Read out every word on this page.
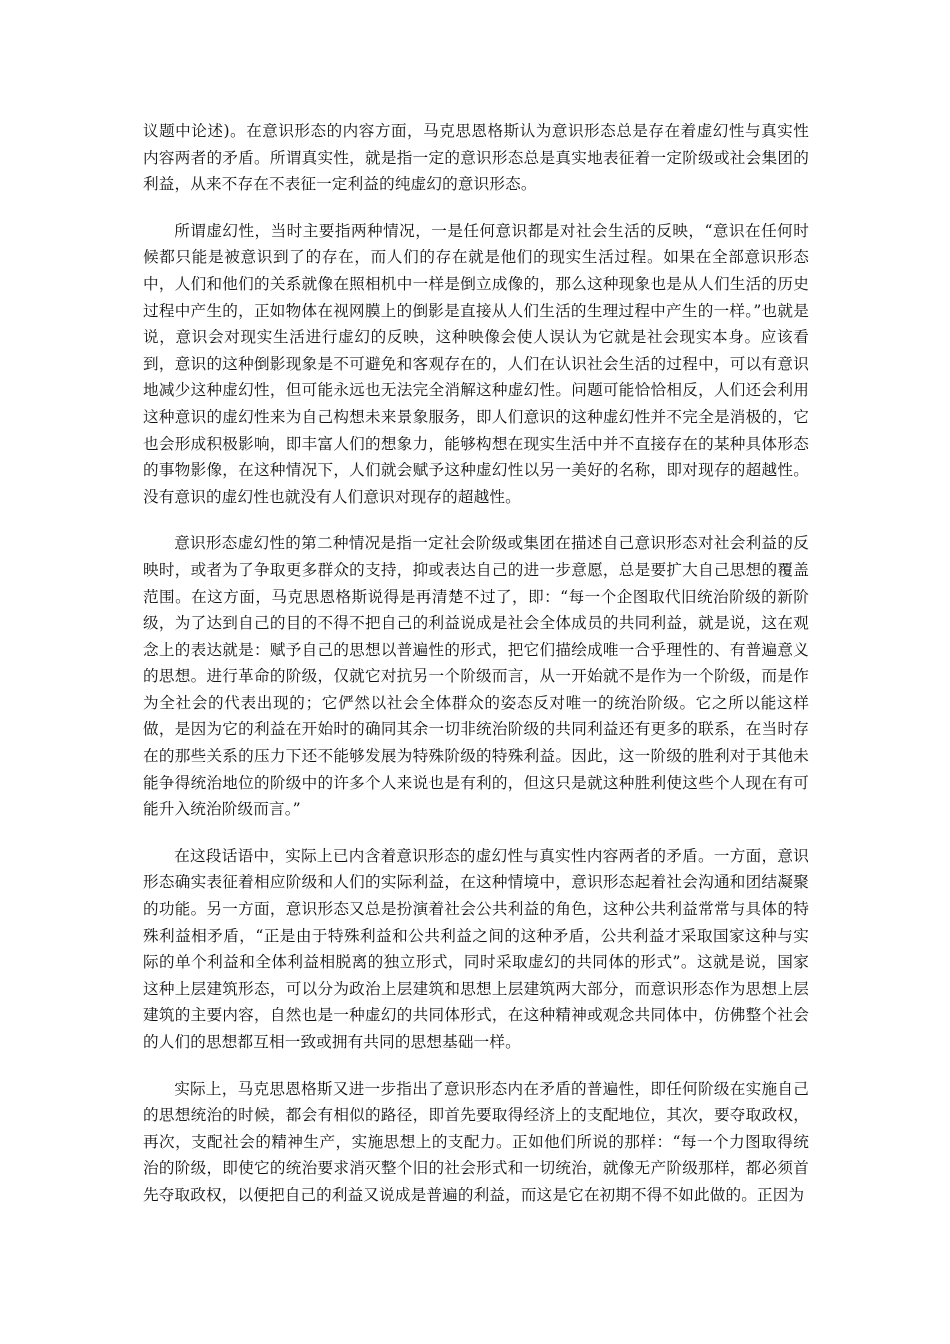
议题中论述)。在意识形态的内容方面，马克思恩格斯认为意识形态总是存在着虚幻性与真实性内容两者的矛盾。所谓真实性，就是指一定的意识形态总是真实地表征着一定阶级或社会集团的利益，从来不存在不表征一定利益的纯虚幻的意识形态。

所谓虚幻性，当时主要指两种情况，一是任何意识都是对社会生活的反映，“意识在任何时候都只能是被意识到了的存在，而人们的存在就是他们的现实生活过程。如果在全部意识形态中，人们和他们的关系就像在照相机中一样是倒立成像的，那么这种现象也是从人们生活的历史过程中产生的，正如物体在视网膜上的倒影是直接从人们生活的生理过程中产生的一样。”也就是说，意识会对现实生活进行虚幻的反映，这种映像会使人误认为它就是社会现实本身。应该看到，意识的这种倒影现象是不可避免和客观存在的，人们在认识社会生活的过程中，可以有意识地减少这种虚幻性，但可能永远也无法完全消解这种虚幻性。问题可能恰恰相反，人们还会利用这种意识的虚幻性来为自己构想未来景象服务，即人们意识的这种虚幻性并不完全是消极的，它也会形成积极影响，即丰富人们的想象力，能够构想在现实生活中并不直接存在的某种具体形态的事物影像，在这种情况下，人们就会赋予这种虚幻性以另一美好的名称，即对现存的超越性。没有意识的虚幻性也就没有人们意识对现存的超越性。

意识形态虚幻性的第二种情况是指一定社会阶级或集团在描述自己意识形态对社会利益的反映时，或者为了争取更多群众的支持，抑或表达自己的进一步意愿，总是要扩大自己思想的覆盖范围。在这方面，马克思恩格斯说得是再清楚不过了，即：“每一个企图取代旧统治阶级的新阶级，为了达到自己的目的不得不把自己的利益说成是社会全体成员的共同利益，就是说，这在观念上的表达就是：赋予自己的思想以普遍性的形式，把它们描绘成唯一合乎理性的、有普遍意义的思想。进行革命的阶级，仅就它对抗另一个阶级而言，从一开始就不是作为一个阶级，而是作为全社会的代表出现的；它俨然以社会全体群众的姿态反对唯一的统治阶级。它之所以能这样做，是因为它的利益在开始时的确同其余一切非统治阶级的共同利益还有更多的联系，在当时存在的那些关系的压力下还不能够发展为特殊阶级的特殊利益。因此，这一阶级的胜利对于其他未能争得统治地位的阶级中的许多个人来说也是有利的，但这只是就这种胜利使这些个人现在有可能升入统治阶级而言。”

在这段话语中，实际上已内含着意识形态的虚幻性与真实性内容两者的矛盾。一方面，意识形态确实表征着相应阶级和人们的实际利益，在这种情境中，意识形态起着社会沟通和团结凝聚的功能。另一方面，意识形态又总是扮演着社会公共利益的角色，这种公共利益常常与具体的特殊利益相矛盾，“正是由于特殊利益和公共利益之间的这种矛盾，公共利益才采取国家这种与实际的单个利益和全体利益相脱离的独立形式，同时采取虚幻的共同体的形式”。这就是说，国家这种上层建筑形态，可以分为政治上层建筑和思想上层建筑两大部分，而意识形态作为思想上层建筑的主要内容，自然也是一种虚幻的共同体形式，在这种精神或观念共同体中，仿佛整个社会的人们的思想都互相一致或拥有共同的思想基础一样。

实际上，马克思恩格斯又进一步指出了意识形态内在矛盾的普遍性，即任何阶级在实施自己的思想统治的时候，都会有相似的路径，即首先要取得经济上的支配地位，其次，要夺取政权，再次，支配社会的精神生产，实施思想上的支配力。正如他们所说的那样：“每一个力图取得统治的阶级，即使它的统治要求消灭整个旧的社会形式和一切统治，就像无产阶级那样，都必须首先夺取政权，以便把自己的利益又说成是普遍的利益，而这是它在初期不得不如此做的。正因为
